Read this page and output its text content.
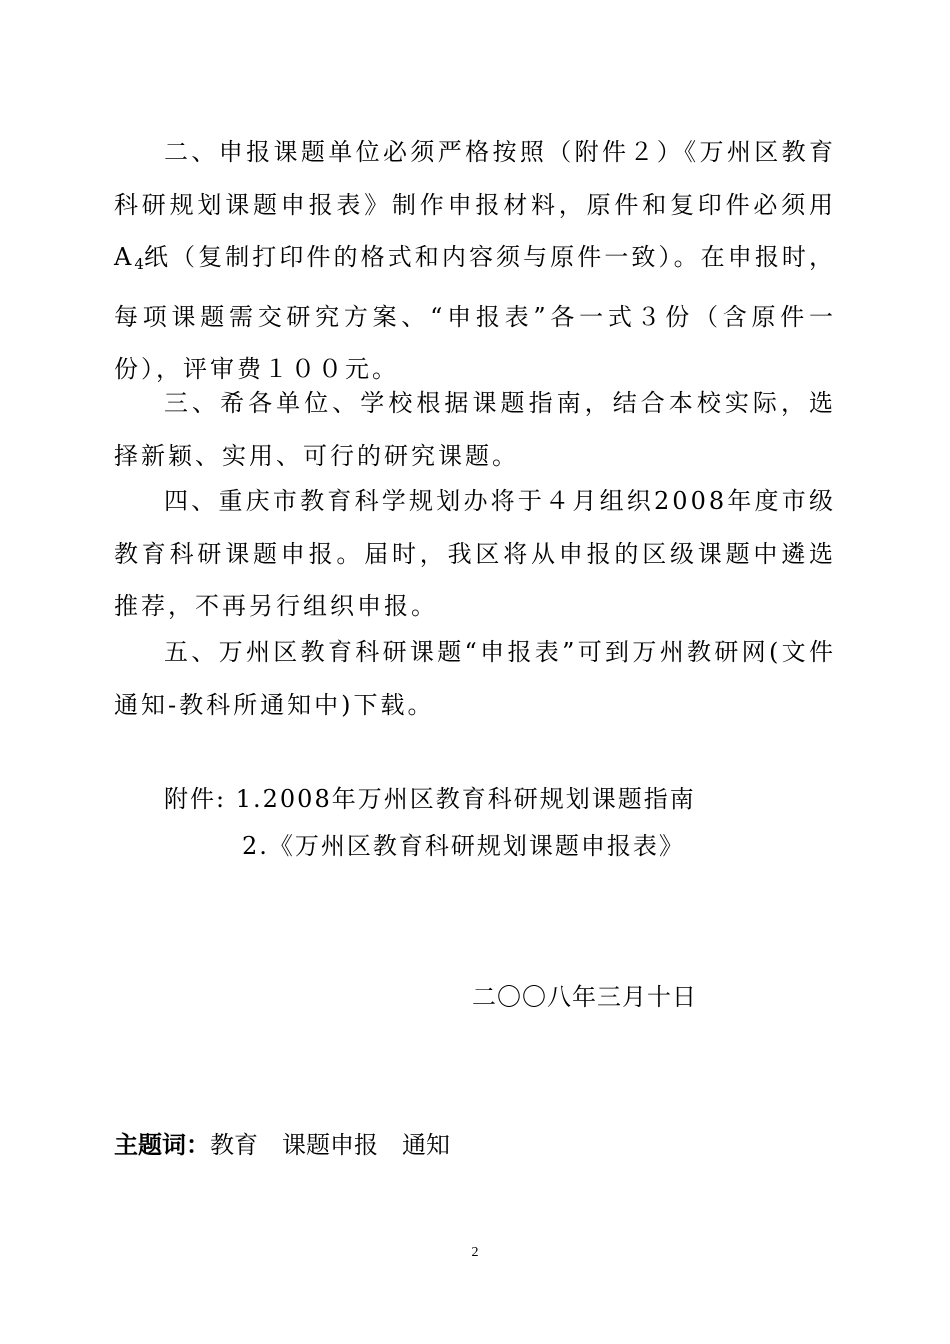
二、申报课题单位必须严格按照（附件２）《万州区教育科研规划课题申报表》制作申报材料，原件和复印件必须用$A_4$纸（复制打印件的格式和内容须与原件一致）。在申报时，每项课题需交研究方案、“申报表”各一式３份（含原件一份），评审费１００元。

三、希各单位、学校根据课题指南，结合本校实际，选择新颖、实用、可行的研究课题。

四、重庆市教育科学规划办将于４月组织2008年度市级教育科研课题申报。届时，我区将从申报的区级课题中遴选推荐，不再另行组织申报。

五、万州区教育科研课题“申报表”可到万州教研网(文件通知-教科所通知中)下载。

附件: 1.2008年万州区教育科研规划课题指南
2.《万州区教育科研规划课题申报表》
二〇〇八年三月十日
主题词：教育 课题申报 通知
2
